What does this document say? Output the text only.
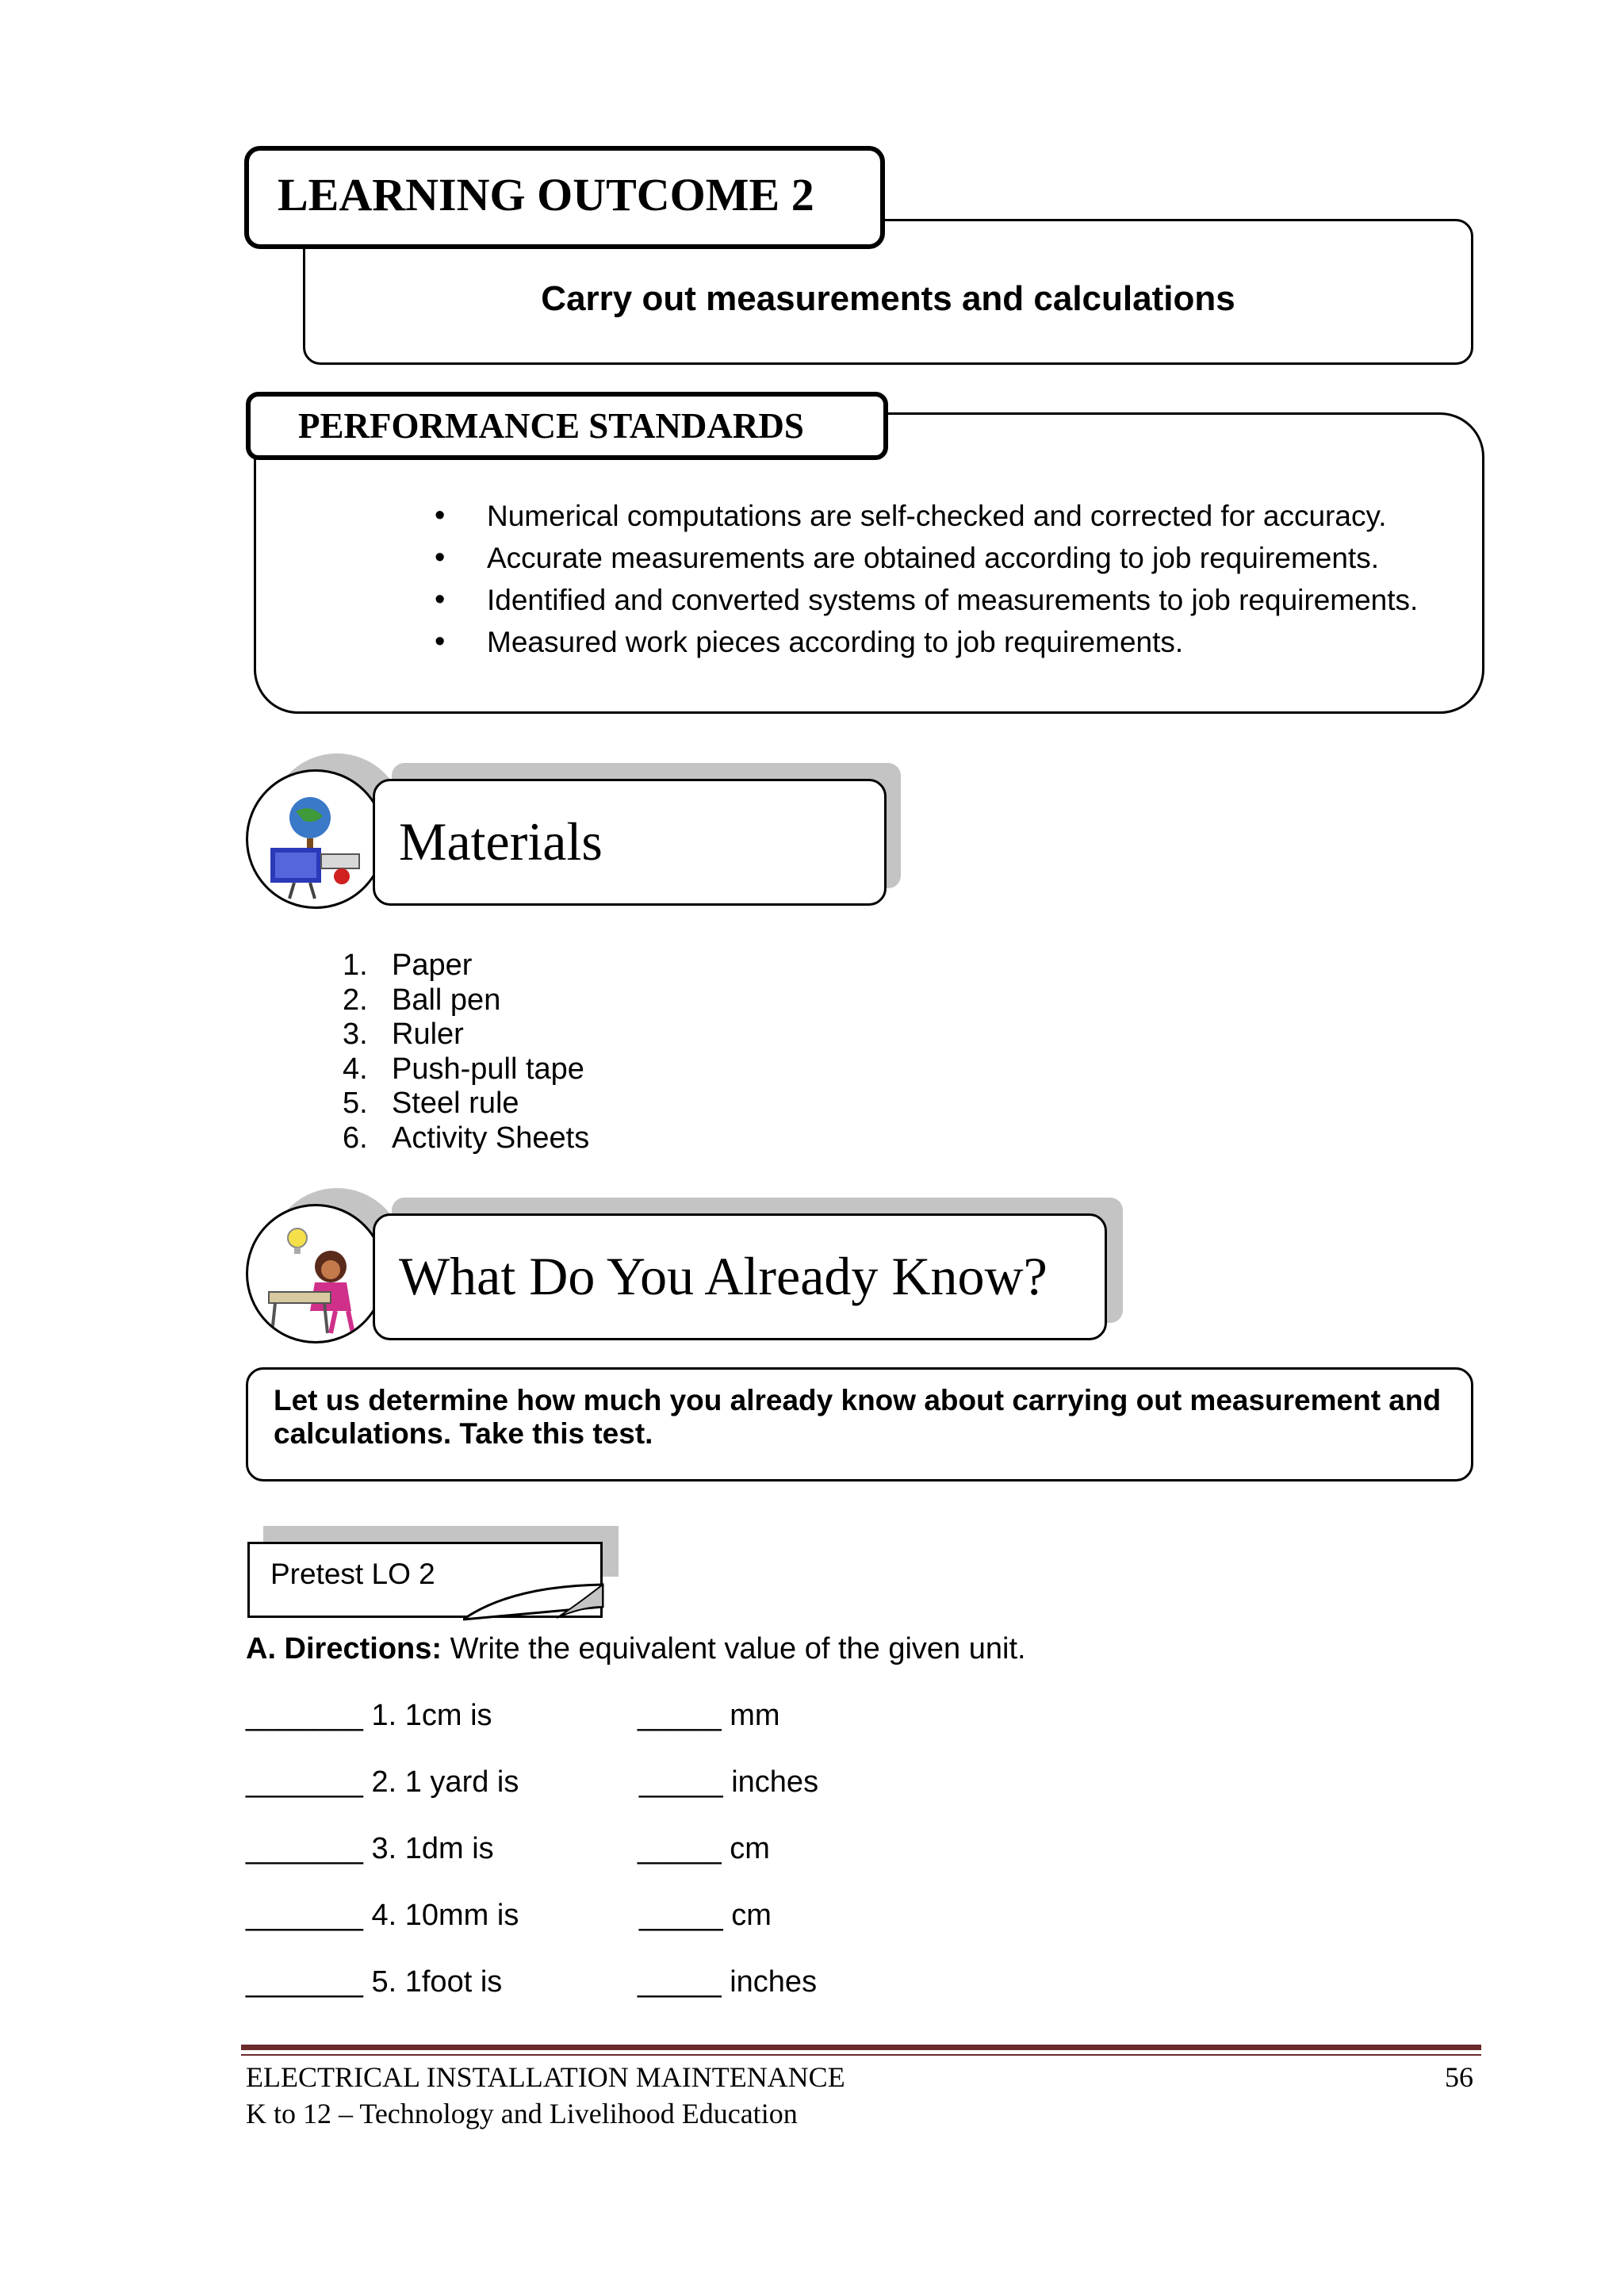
Carry out measurements and calculations
LEARNING OUTCOME 2
PERFORMANCE STANDARDS
• Numerical computations are self-checked and corrected for accuracy.
• Accurate measurements are obtained according to job requirements.
• Identified and converted systems of measurements to job requirements.
• Measured work pieces according to job requirements.
Materials
1. Paper
2. Ball pen
3. Ruler
4. Push-pull tape
5. Steel rule
6. Activity Sheets
What Do You Already Know?
Let us determine how much you already know about carrying out measurement and calculations. Take this test.
Pretest LO 2
A. Directions: Write the equivalent value of the given unit.
_______ 1. 1cm is	_____ mm
_______ 2. 1 yard is	_____ inches
_______ 3. 1dm is	_____ cm
_______ 4. 10mm is	_____ cm
_______ 5. 1foot is	_____ inches
ELECTRICAL INSTALLATION MAINTENANCE
K to 12 – Technology and Livelihood Education
56
